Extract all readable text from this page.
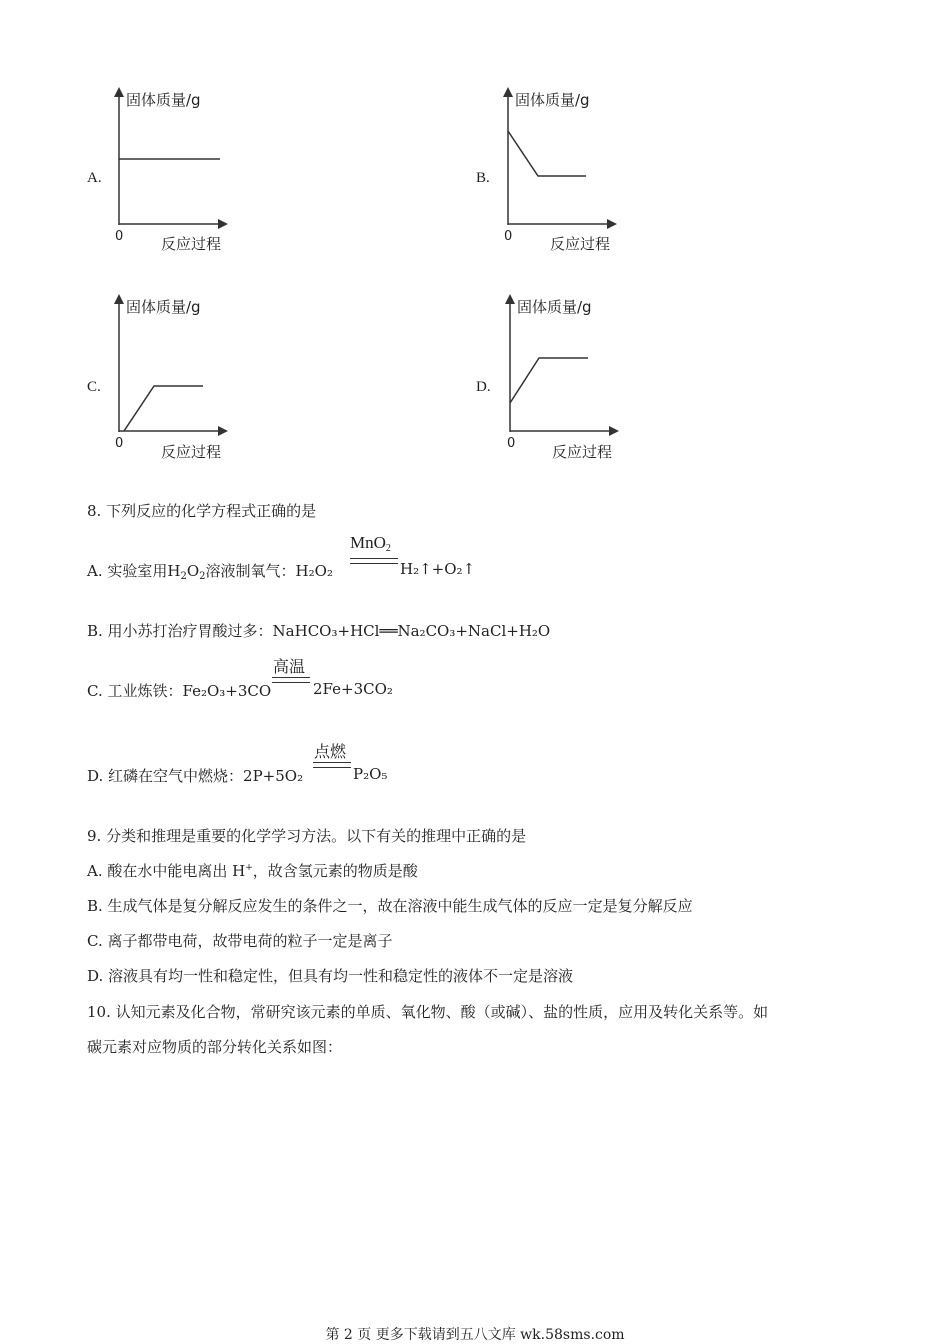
A.
固体质量/g
反应过程
0
B.
固体质量/g
反应过程
0
C.
固体质量/g
反应过程
0
D.
固体质量/g
反应过程
0
8. 下列反应的化学方程式正确的是
A. 实验室用$H_2O_2$溶液制氧气：H₂O₂
MnO$_2$
H₂↑+O₂↑
B. 用小苏打治疗胃酸过多：NaHCO₃+HCl══Na₂CO₃+NaCl+H₂O
C. 工业炼铁：Fe₂O₃+3CO
高温
2Fe+3CO₂
D. 红磷在空气中燃烧：2P+5O₂
点燃
P₂O₅
9. 分类和推理是重要的化学学习方法。以下有关的推理中正确的是
A. 酸在水中能电离出 H+，故含氢元素的物质是酸
B. 生成气体是复分解反应发生的条件之一，故在溶液中能生成气体的反应一定是复分解反应
C. 离子都带电荷，故带电荷的粒子一定是离子
D. 溶液具有均一性和稳定性，但具有均一性和稳定性的液体不一定是溶液
10. 认知元素及化合物，常研究该元素的单质、氧化物、酸（或碱）、盐的性质，应用及转化关系等。如
碳元素对应物质的部分转化关系如图：
第 2 页 更多下载请到五八文库 wk.58sms.com
